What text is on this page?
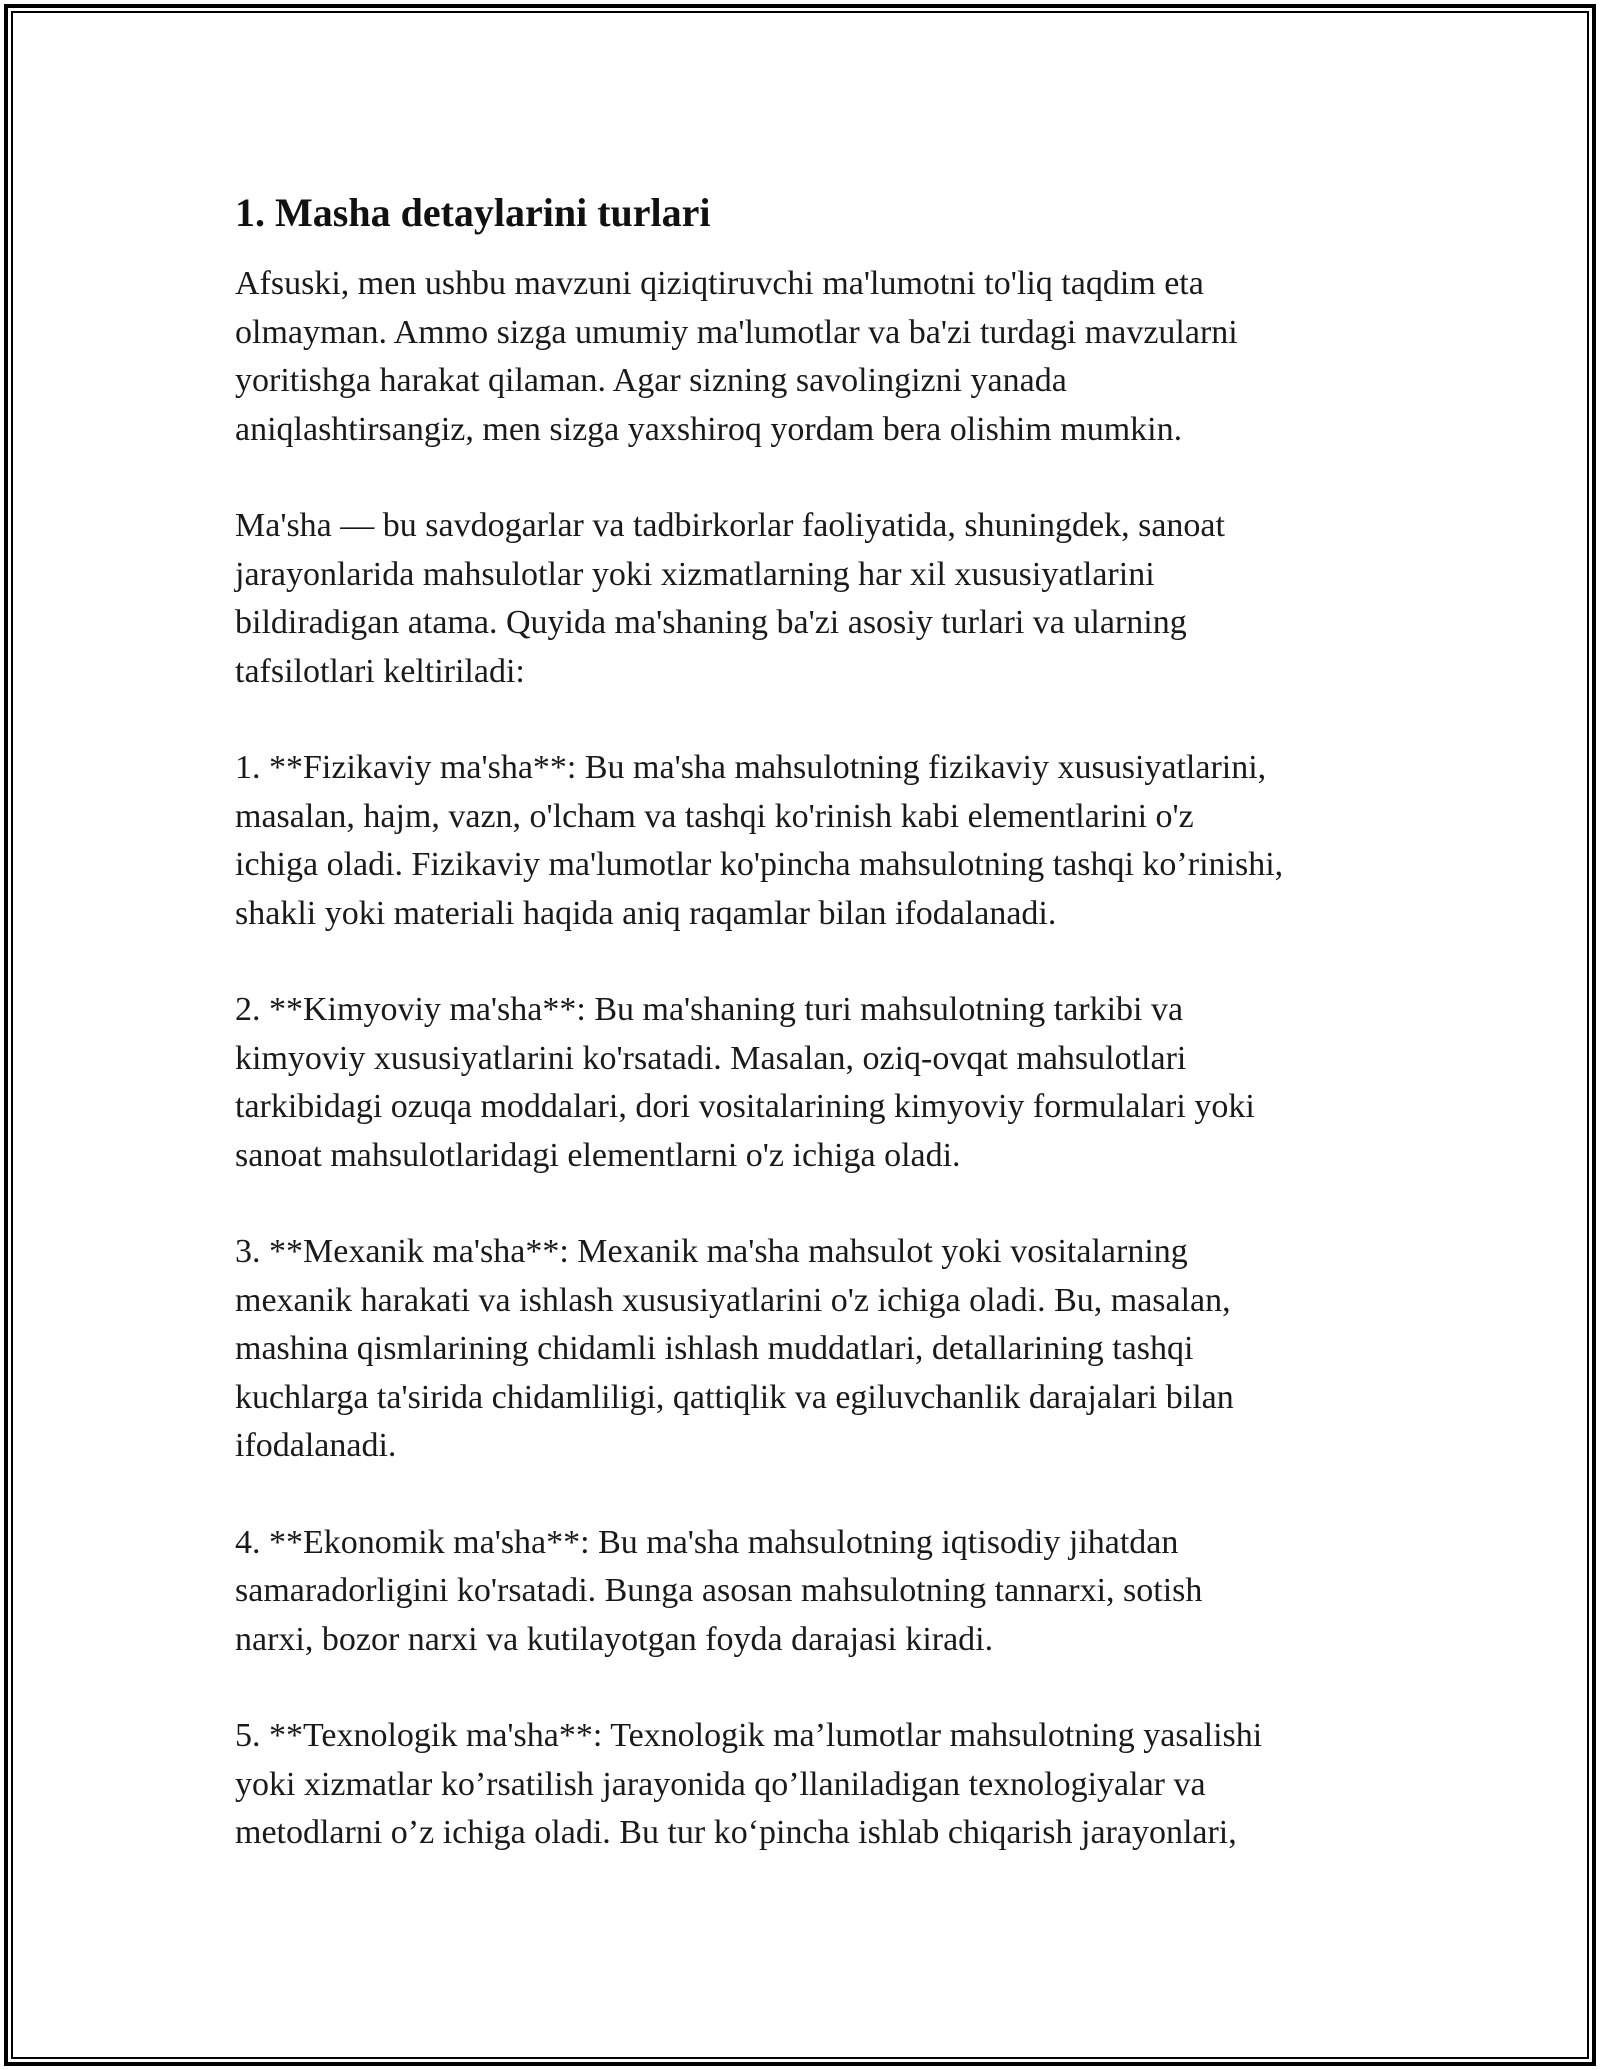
1. Masha detaylarini turlari

Afsuski, men ushbu mavzuni qiziqtiruvchi ma'lumotni to'liq taqdim eta
olmayman. Ammo sizga umumiy ma'lumotlar va ba'zi turdagi mavzularni
yoritishga harakat qilaman. Agar sizning savolingizni yanada
aniqlashtirsangiz, men sizga yaxshiroq yordam bera olishim mumkin.

Ma'sha — bu savdogarlar va tadbirkorlar faoliyatida, shuningdek, sanoat
jarayonlarida mahsulotlar yoki xizmatlarning har xil xususiyatlarini
bildiradigan atama. Quyida ma'shaning ba'zi asosiy turlari va ularning
tafsilotlari keltiriladi:

1. **Fizikaviy ma'sha**: Bu ma'sha mahsulotning fizikaviy xususiyatlarini,
masalan, hajm, vazn, o'lcham va tashqi ko'rinish kabi elementlarini o'z
ichiga oladi. Fizikaviy ma'lumotlar ko'pincha mahsulotning tashqi ko’rinishi,
shakli yoki materiali haqida aniq raqamlar bilan ifodalanadi.

2. **Kimyoviy ma'sha**: Bu ma'shaning turi mahsulotning tarkibi va
kimyoviy xususiyatlarini ko'rsatadi. Masalan, oziq-ovqat mahsulotlari
tarkibidagi ozuqa moddalari, dori vositalarining kimyoviy formulalari yoki
sanoat mahsulotlaridagi elementlarni o'z ichiga oladi.

3. **Mexanik ma'sha**: Mexanik ma'sha mahsulot yoki vositalarning
mexanik harakati va ishlash xususiyatlarini o'z ichiga oladi. Bu, masalan,
mashina qismlarining chidamli ishlash muddatlari, detallarining tashqi
kuchlarga ta'sirida chidamliligi, qattiqlik va egiluvchanlik darajalari bilan
ifodalanadi.

4. **Ekonomik ma'sha**: Bu ma'sha mahsulotning iqtisodiy jihatdan
samaradorligini ko'rsatadi. Bunga asosan mahsulotning tannarxi, sotish
narxi, bozor narxi va kutilayotgan foyda darajasi kiradi.

5. **Texnologik ma'sha**: Texnologik ma’lumotlar mahsulotning yasalishi
yoki xizmatlar ko’rsatilish jarayonida qo’llaniladigan texnologiyalar va
metodlarni o’z ichiga oladi. Bu tur ko‘pincha ishlab chiqarish jarayonlari,
